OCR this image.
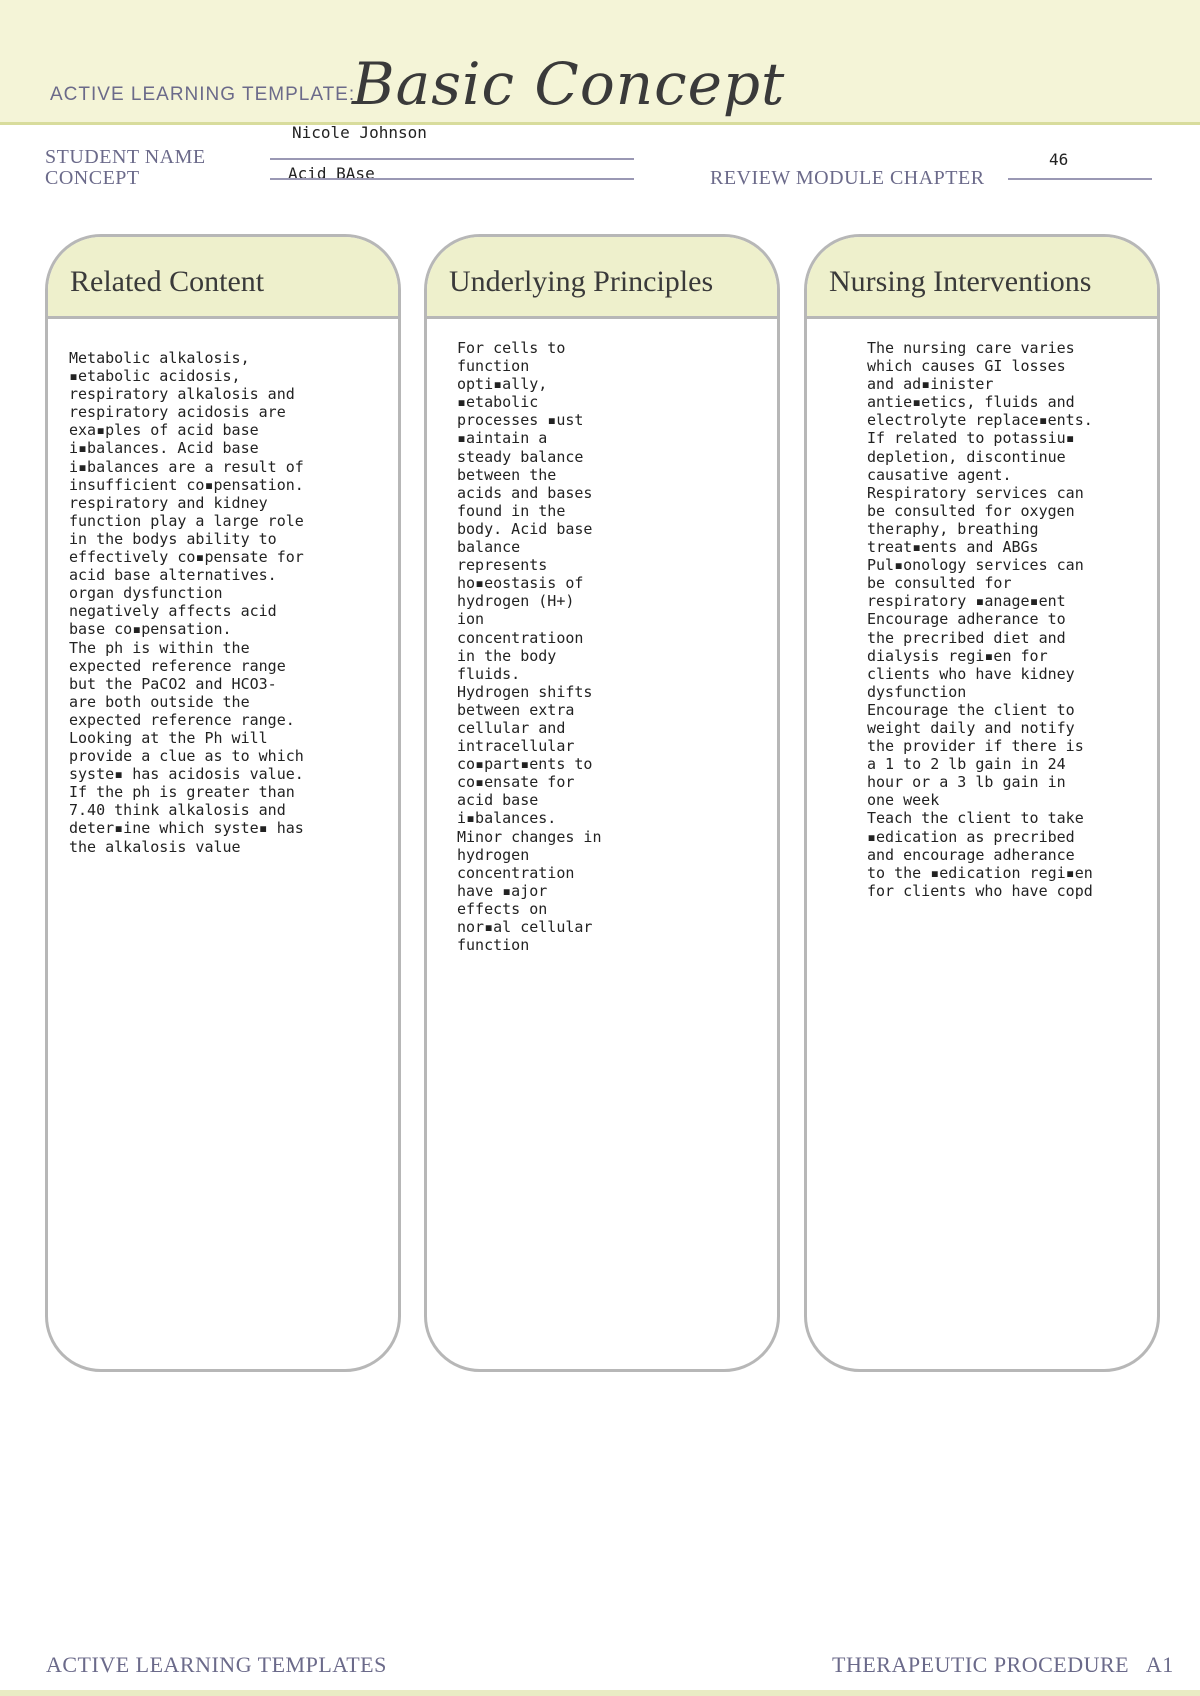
ACTIVE LEARNING TEMPLATE:
Basic Concept
STUDENT NAME
Nicole Johnson
CONCEPT	Acid BAse	REVIEW MODULE CHAPTER
46
Related Content
Metabolic alkalosis, ▪etabolic acidosis, respiratory alkalosis and respiratory acidosis are exa▪ples of acid base i▪balances. Acid base i▪balances are a result of insufficient co▪pensation.
respiratory and kidney function play a large role in the bodys ability to effectively co▪pensate for acid base alternatives. organ dysfunction negatively affects acid base co▪pensation.
The ph is within the expected reference range but the PaCO2 and HCO3- are both outside the expected reference range. Looking at the Ph will provide a clue as to which syste▪ has acidosis value. If the ph is greater than 7.40 think alkalosis and deter▪ine which syste▪ has the alkalosis value
Underlying Principles
For cells to function opti▪ally, ▪etabolic processes ▪ust ▪aintain a steady balance between the acids and bases found in the body. Acid base balance represents ho▪eostasis of hydrogen (H+) ion concentratioon in the body fluids.
Hydrogen shifts between extra cellular and intracellular co▪part▪ents to co▪ensate for acid base i▪balances.
Minor changes in hydrogen concentration have ▪ajor effects on nor▪al cellular function
Nursing Interventions
The nursing care varies which causes GI losses and ad▪inister antie▪etics, fluids and electrolyte replace▪ents. If related to potassiu▪ depletion, discontinue causative agent.
Respiratory services can be consulted for oxygen theraphy, breathing treat▪ents and ABGs
Pul▪onology services can be consulted for respiratory ▪anage▪ent
Encourage adherance to the precribed diet and dialysis regi▪en for clients who have kidney dysfunction
Encourage the client to weight daily and notify the provider if there is a 1 to 2 lb gain in 24 hour or a 3 lb gain in one week
Teach the client to take ▪edication as precribed and encourage adherance to the ▪edication regi▪en for clients who have copd
ACTIVE LEARNING TEMPLATES	THERAPEUTIC PROCEDURE   A1
